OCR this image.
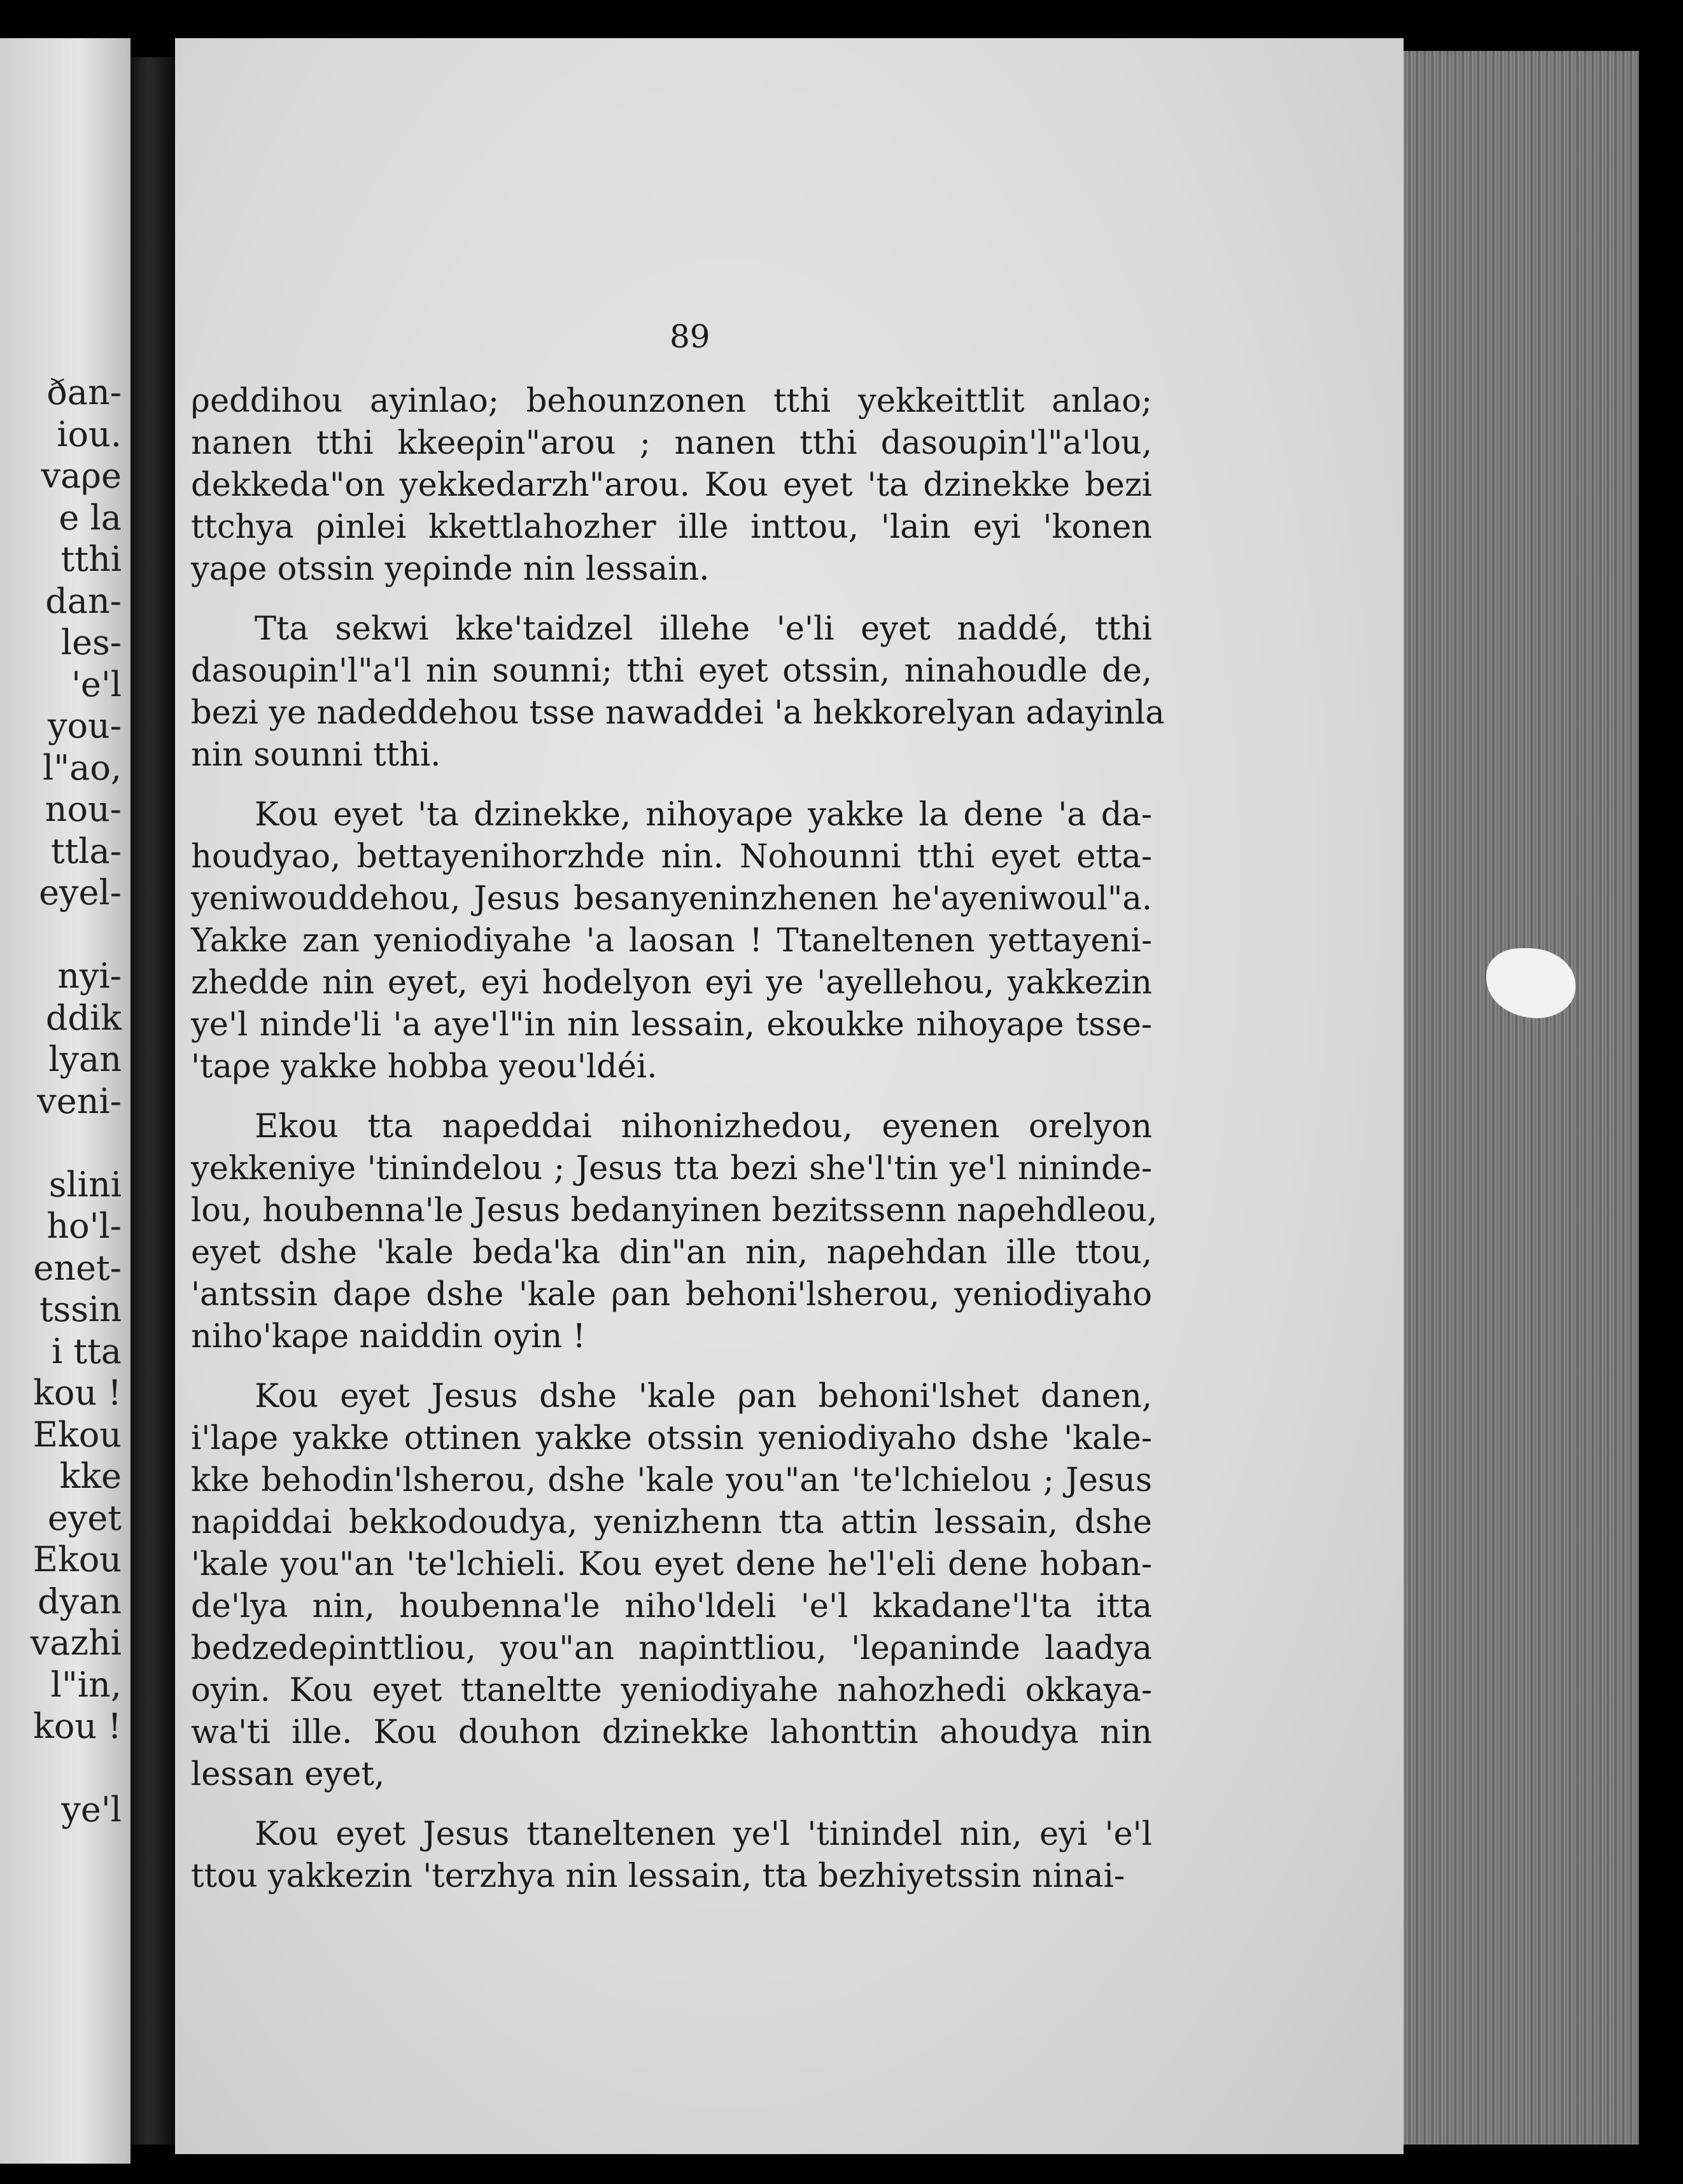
ðan-
iou.
vaρe
e la
tthi
dan-
les-
'e'l
you-
l"ao,
nou-
ttla-
eyel-
nyi-
ddik
lyan
veni-
slini
ho'l-
enet-
tssin
i tta
kou !
Ekou
kke
eyet
Ekou
dyan
vazhi
l"in,
kou !
ye'l
89
ρeddihou ayinlao; behounzonen tthi yekkeittlit anlao;
nanen tthi kkeeρin"arou ; nanen tthi dasouρin'l"a'lou,
dekkeda"on yekkedarzh"arou. Kou eyet 'ta dzinekke bezi
ttchya ρinlei kkettlahozher ille inttou, 'lain eyi 'konen
yaρe otssin yeρinde nin lessain.
Tta sekwi kke'taidzel illehe 'e'li eyet naddé, tthi
dasouρin'l"a'l nin sounni; tthi eyet otssin, ninahoudle de,
bezi ye nadeddehou tsse nawaddei 'a hekkorelyan adayinla
nin sounni tthi.
Kou eyet 'ta dzinekke, nihoyaρe yakke la dene 'a da-
houdyao, bettayenihorzhde nin. Nohounni tthi eyet etta-
yeniwouddehou, Jesus besanyeninzhenen he'ayeniwoul"a.
Yakke zan yeniodiyahe 'a laosan ! Ttaneltenen yettayeni-
zhedde nin eyet, eyi hodelyon eyi ye 'ayellehou, yakkezin
ye'l ninde'li 'a aye'l"in nin lessain, ekoukke nihoyaρe tsse-
'taρe yakke hobba yeou'ldéi.
Ekou tta naρeddai nihonizhedou, eyenen orelyon
yekkeniye 'tinindelou ; Jesus tta bezi she'l'tin ye'l nininde-
lou, houbenna'le Jesus bedanyinen bezitssenn naρehdleou,
eyet dshe 'kale beda'ka din"an nin, naρehdan ille ttou,
'antssin daρe dshe 'kale ρan behoni'lsherou, yeniodiyaho
niho'kaρe naiddin oyin !
Kou eyet Jesus dshe 'kale ρan behoni'lshet danen,
i'laρe yakke ottinen yakke otssin yeniodiyaho dshe 'kale-
kke behodin'lsherou, dshe 'kale you"an 'te'lchielou ; Jesus
naρiddai bekkodoudya, yenizhenn tta attin lessain, dshe
'kale you"an 'te'lchieli. Kou eyet dene he'l'eli dene hoban-
de'lya nin, houbenna'le niho'ldeli 'e'l kkadane'l'ta itta
bedzedeρinttliou, you"an naρinttliou, 'leρaninde laadya
oyin. Kou eyet ttaneltte yeniodiyahe nahozhedi okkaya-
wa'ti ille. Kou douhon dzinekke lahonttin ahoudya nin
lessan eyet,
Kou eyet Jesus ttaneltenen ye'l 'tinindel nin, eyi 'e'l
ttou yakkezin 'terzhya nin lessain, tta bezhiyetssin ninai-
